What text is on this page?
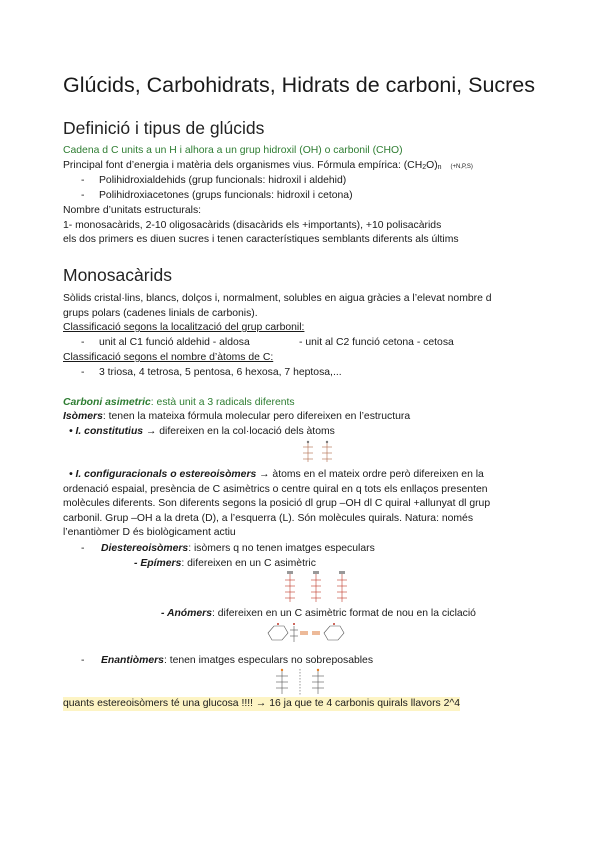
Glúcids, Carbohidrats, Hidrats de carboni, Sucres
Definició i tipus de glúcids
Cadena d C units a un H i alhora a un grup hidroxil (OH) o carbonil (CHO)
Principal font d’energia i matèria dels organismes vius. Fórmula empírica: (CH2O)n (+N,P,S)
- Polihidroxialdehids (grup funcionals: hidroxil i aldehid)
- Polihidroxiacetones (grups funcionals: hidroxil i cetona)
Nombre d’unitats estructurals:
1- monosacàrids, 2-10 oligosacàrids (disacàrids els +importants), +10 polisacàrids
els dos primers es diuen sucres i tenen característiques semblants diferents als últims
Monosacàrids
Sòlids cristal·lins, blancs, dolços i, normalment, solubles en aigua gràcies a l’elevat nombre d
grups polars (cadenes linials de carbonis).
Classificació segons la localització del grup carbonil:
- unit al C1 funció aldehid - aldosa	- unit al C2 funció cetona - cetosa
Classificació segons el nombre d’àtoms de C:
- 3 triosa, 4 tetrosa, 5 pentosa, 6 hexosa, 7 heptosa,...
Carboni asimetric: està unit a 3 radicals diferents
Isòmers: tenen la mateixa fórmula molecular pero difereixen en l’estructura
• I. constitutius → difereixen en la col·locació dels àtoms
• I. configuracionals o estereoisòmers → àtoms en el mateix ordre però difereixen en la
ordenació espaial, presència de C asimètrics o centre quiral en q tots els enllaços presenten
molècules diferents. Son diferents segons la posició dl grup –OH dl C quiral +allunyat dl grup
carbonil. Grup –OH a la dreta (D), a l’esquerra (L). Són molècules quirals. Natura: només
l’enantiòmer D és biològicament actiu
- Diestereoisòmers: isòmers q no tenen imatges especulars
- Epímers: difereixen en un C asimètric
- Anómers: difereixen en un C asimètric format de nou en la ciclació
- Enantiòmers: tenen imatges especulars no sobreposables
quants estereoisòmers té una glucosa !!!! → 16 ja que te 4 carbonis quirals llavors 2^4
